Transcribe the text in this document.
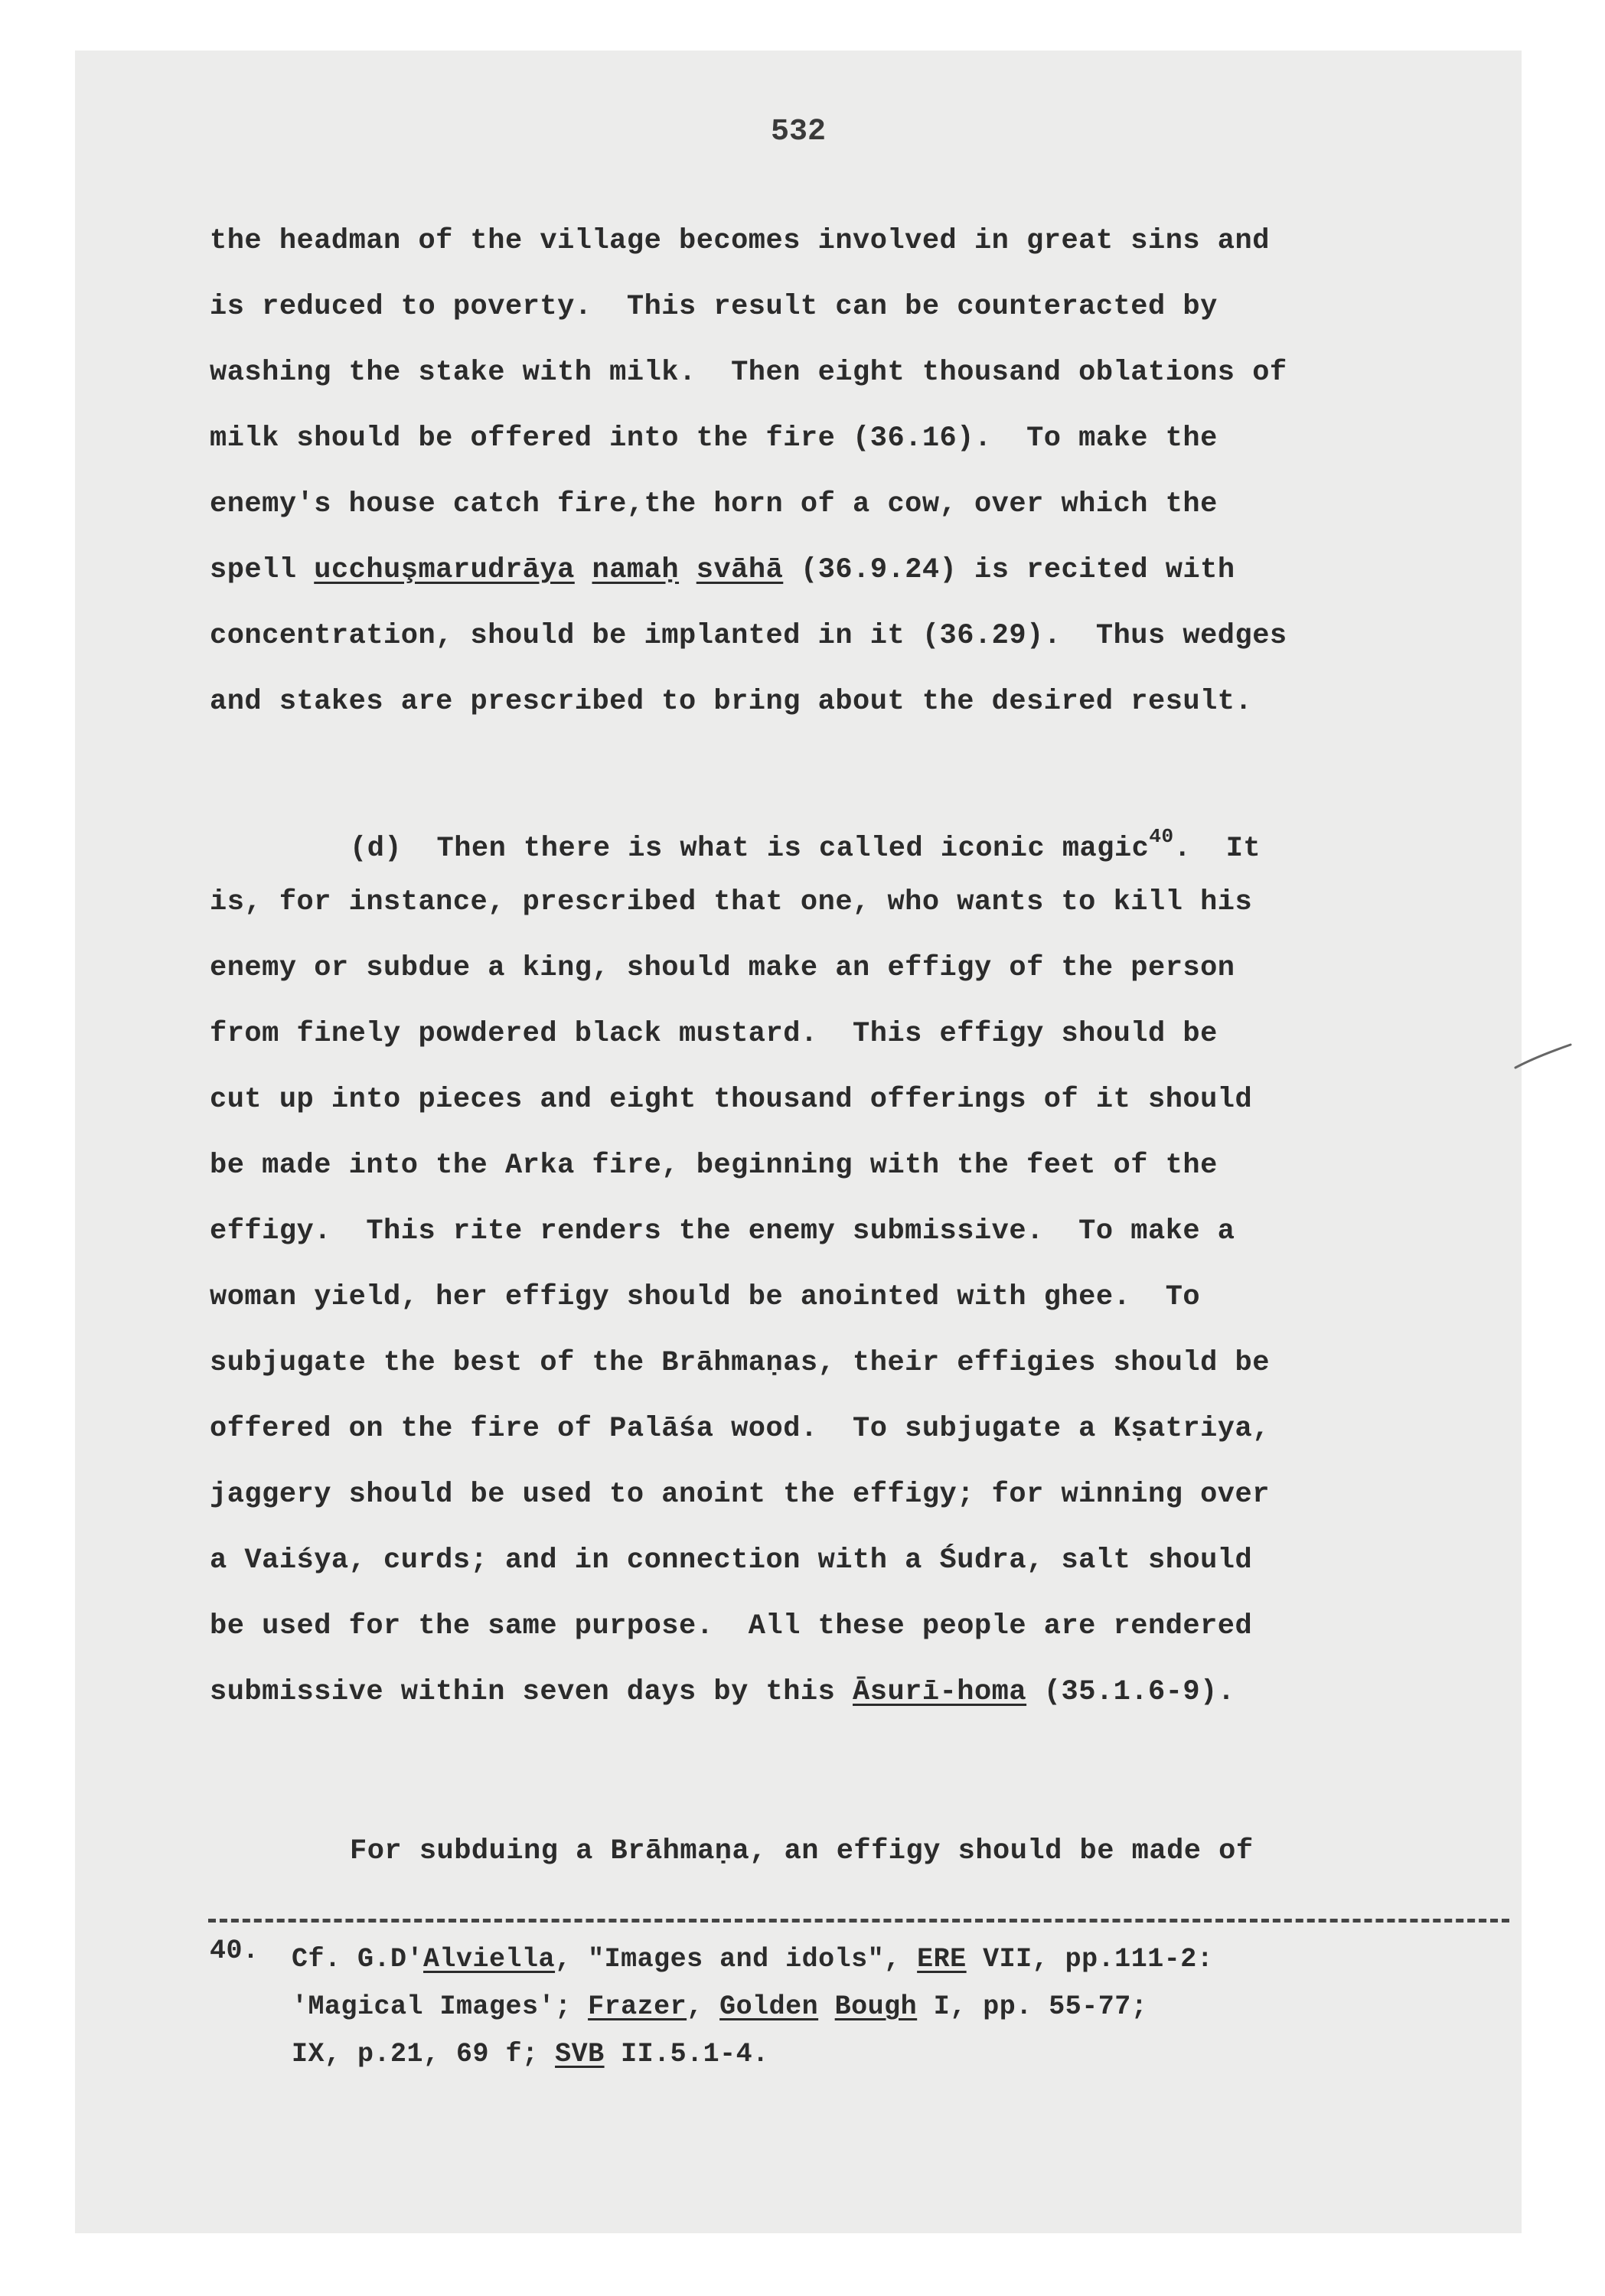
532
the headman of the village becomes involved in great sins and
is reduced to poverty.  This result can be counteracted by
washing the stake with milk.  Then eight thousand oblations of
milk should be offered into the fire (36.16).  To make the
enemy's house catch fire,the horn of a cow, over which the
spell ucchuşmarudrāya namaḥ svāhā (36.9.24) is recited with
concentration, should be implanted in it (36.29).  Thus wedges
and stakes are prescribed to bring about the desired result.
(d)  Then there is what is called iconic magic$^{40}$.  It
is, for instance, prescribed that one, who wants to kill his
enemy or subdue a king, should make an effigy of the person
from finely powdered black mustard.  This effigy should be
cut up into pieces and eight thousand offerings of it should
be made into the Arka fire, beginning with the feet of the
effigy.  This rite renders the enemy submissive.  To make a
woman yield, her effigy should be anointed with ghee.  To
subjugate the best of the Brāhmaṇas, their effigies should be
offered on the fire of Palāśa wood.  To subjugate a Kṣatriya,
jaggery should be used to anoint the effigy; for winning over
a Vaiśya, curds; and in connection with a Śudra, salt should
be used for the same purpose.  All these people are rendered
submissive within seven days by this Āsurī-homa (35.1.6-9).
For subduing a Brāhmaṇa, an effigy should be made of
40.	Cf. G.D'Alviella, "Images and idols", ERE VII, pp.111-2:
'Magical Images'; Frazer, Golden Bough I, pp. 55-77;
IX, p.21, 69 f; SVB II.5.1-4.
